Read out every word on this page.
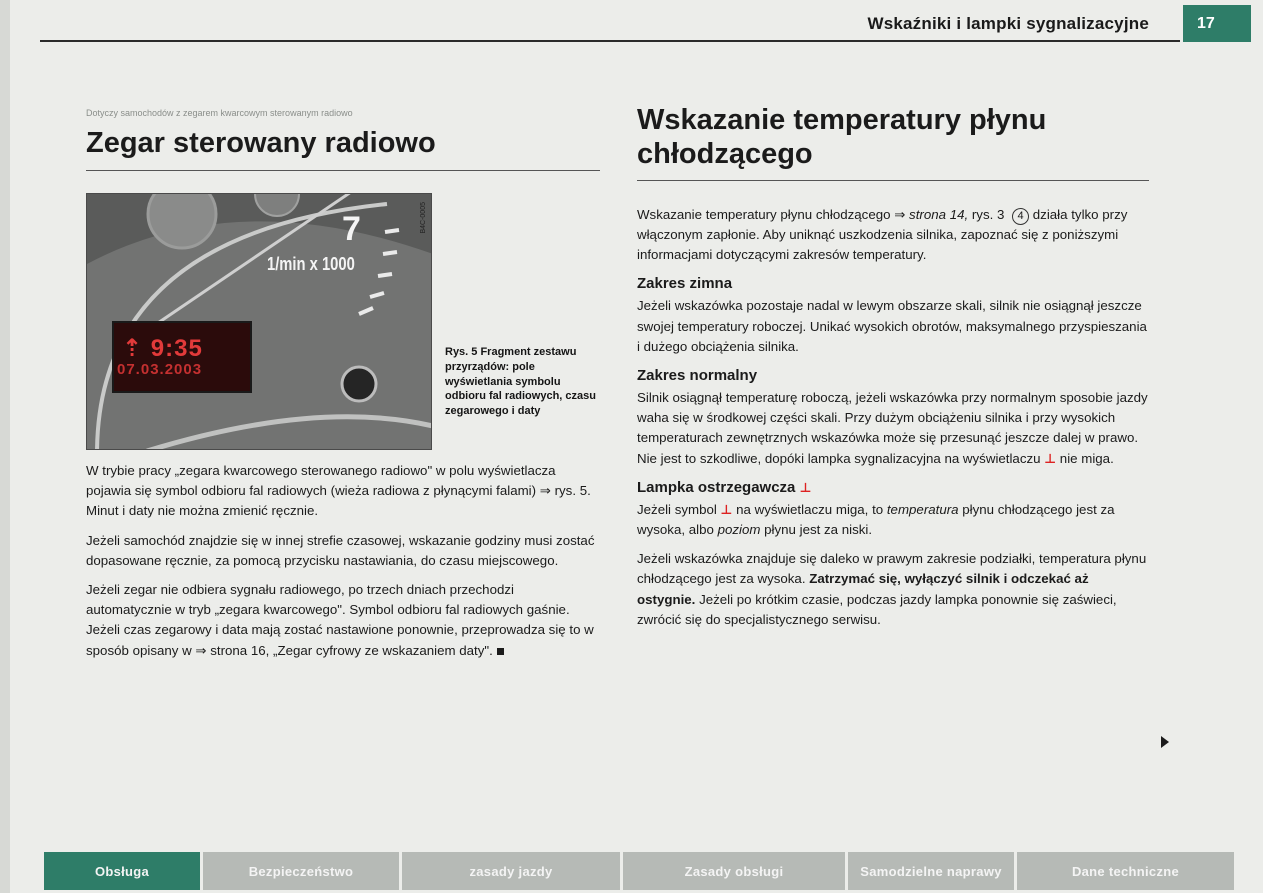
Wskaźniki i lampki sygnalizacyjne	17
Dotyczy samochodów z zegarem kwarcowym sterowanym radiowo
Zegar sterowany radiowo
7
1/min x 1000
⇡ 9:35
07.03.2003
B4C-0005
Rys. 5 Fragment zestawu przyrządów: pole wyświetlania symbolu odbioru fal radiowych, czasu zegarowego i daty

W trybie pracy „zegara kwarcowego sterowanego radiowo" w polu wyświetlacza pojawia się symbol odbioru fal radiowych (wieża radiowa z płynącymi falami) ⇒ rys. 5. Minut i daty nie można zmienić ręcznie.

Jeżeli samochód znajdzie się w innej strefie czasowej, wskazanie godziny musi zostać dopasowane ręcznie, za pomocą przycisku nastawiania, do czasu miejscowego.

Jeżeli zegar nie odbiera sygnału radiowego, po trzech dniach przechodzi automatycznie w tryb „zegara kwarcowego". Symbol odbioru fal radiowych gaśnie. Jeżeli czas zegarowy i data mają zostać nastawione ponownie, przeprowadza się to w sposób opisany w ⇒ strona 16, „Zegar cyfrowy ze wskazaniem daty".

Wskazanie temperatury płynu chłodzącego

Wskazanie temperatury płynu chłodzącego ⇒ strona 14, rys. 3 4 działa tylko przy włączonym zapłonie. Aby uniknąć uszkodzenia silnika, zapoznać się z poniższymi informacjami dotyczącymi zakresów temperatury.

Zakres zimna

Jeżeli wskazówka pozostaje nadal w lewym obszarze skali, silnik nie osiągnął jeszcze swojej temperatury roboczej. Unikać wysokich obrotów, maksymalnego przyspieszania i dużego obciążenia silnika.

Zakres normalny

Silnik osiągnął temperaturę roboczą, jeżeli wskazówka przy normalnym sposobie jazdy waha się w środkowej części skali. Przy dużym obciążeniu silnika i przy wysokich temperaturach zewnętrznych wskazówka może się przesunąć jeszcze dalej w prawo. Nie jest to szkodliwe, dopóki lampka sygnalizacyjna na wyświetlaczu ⊥ nie miga.

Lampka ostrzegawcza ⊥

Jeżeli symbol ⊥ na wyświetlaczu miga, to temperatura płynu chłodzącego jest za wysoka, albo poziom płynu jest za niski.

Jeżeli wskazówka znajduje się daleko w prawym zakresie podziałki, temperatura płynu chłodzącego jest za wysoka. Zatrzymać się, wyłączyć silnik i odczekać aż ostygnie. Jeżeli po krótkim czasie, podczas jazdy lampka ponownie się zaświeci, zwrócić się do specjalistycznego serwisu.

Obsługa	Bezpieczeństwo	zasady jazdy	Zasady obsługi	Samodzielne naprawy	Dane techniczne
